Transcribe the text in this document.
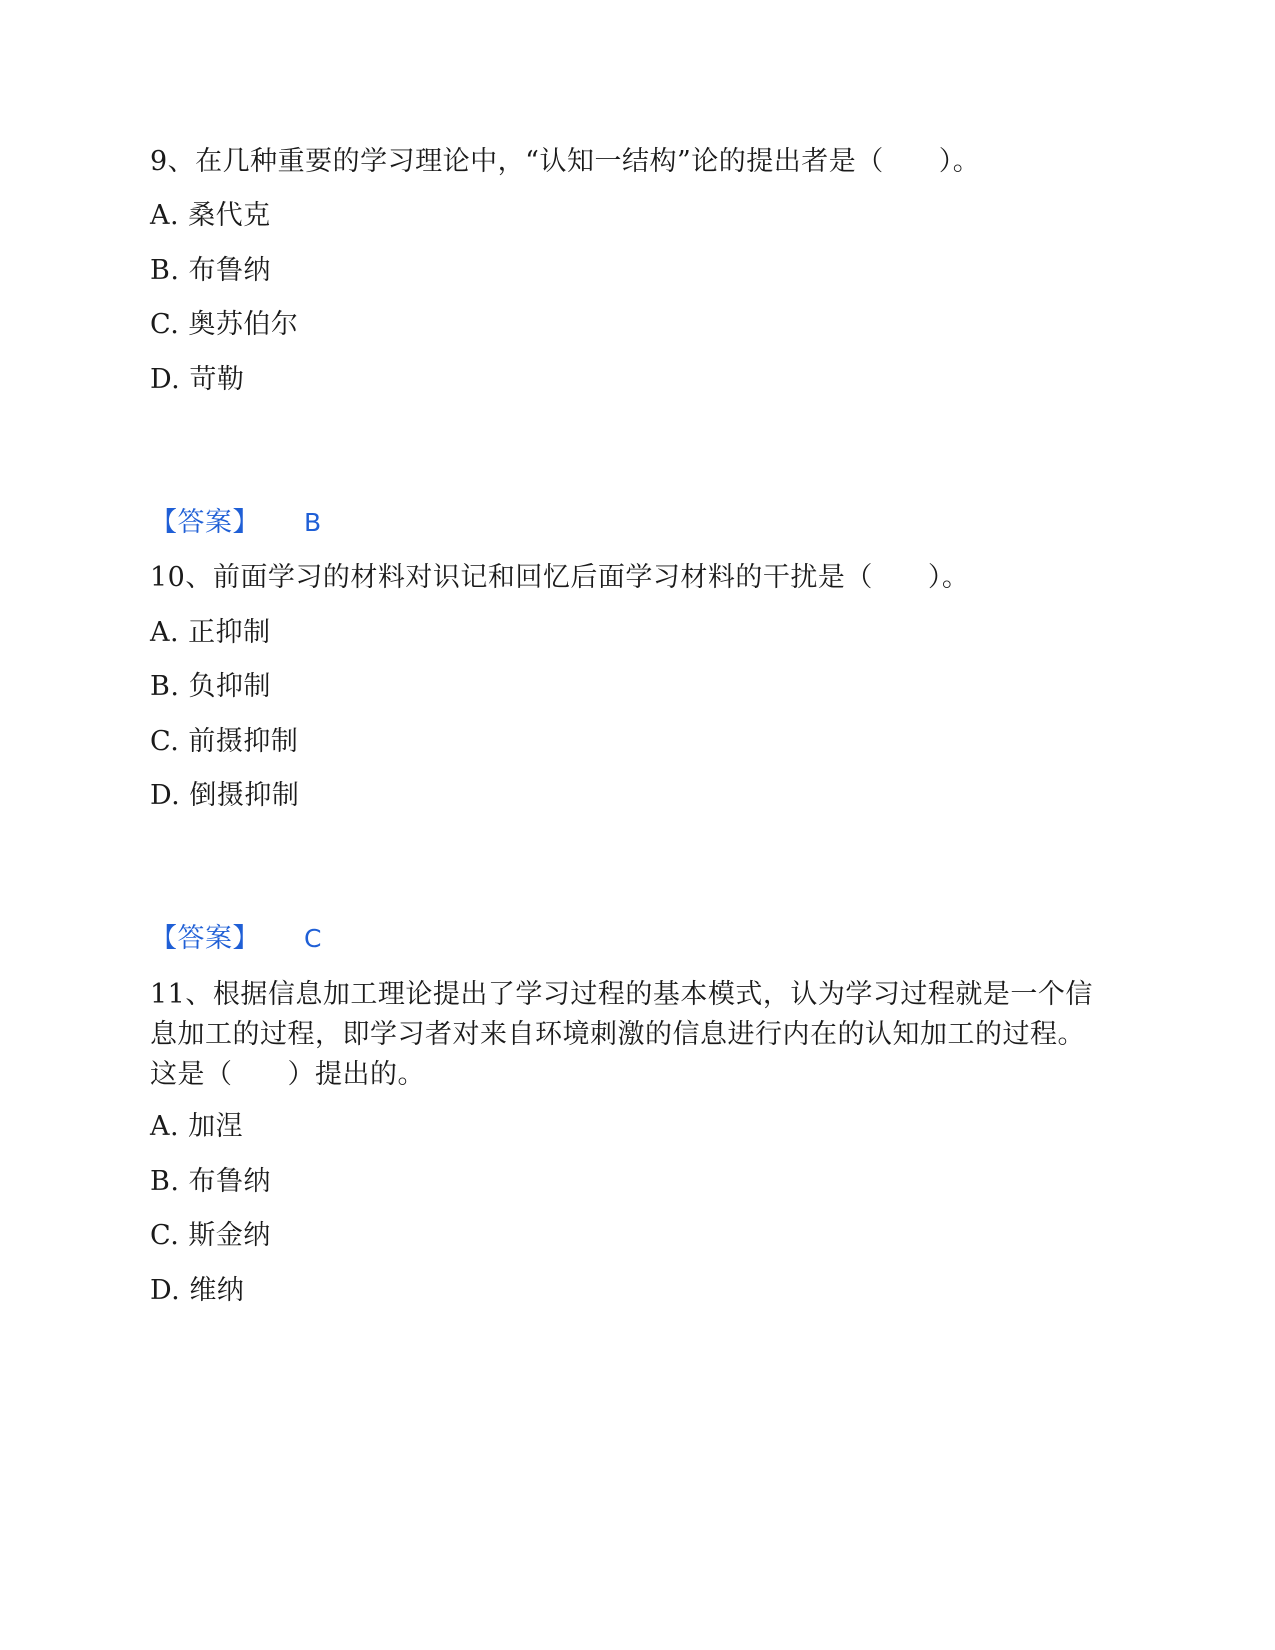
9、在几种重要的学习理论中，“认知一结构”论的提出者是（　　）。
A. 桑代克
B. 布鲁纳
C. 奥苏伯尔
D. 苛勒
【答案】 B
10、前面学习的材料对识记和回忆后面学习材料的干扰是（　　）。
A. 正抑制
B. 负抑制
C. 前摄抑制
D. 倒摄抑制
【答案】 C
11、根据信息加工理论提出了学习过程的基本模式，认为学习过程就是一个信息加工的过程，即学习者对来自环境刺激的信息进行内在的认知加工的过程。这是（　　）提出的。
A. 加涅
B. 布鲁纳
C. 斯金纳
D. 维纳
